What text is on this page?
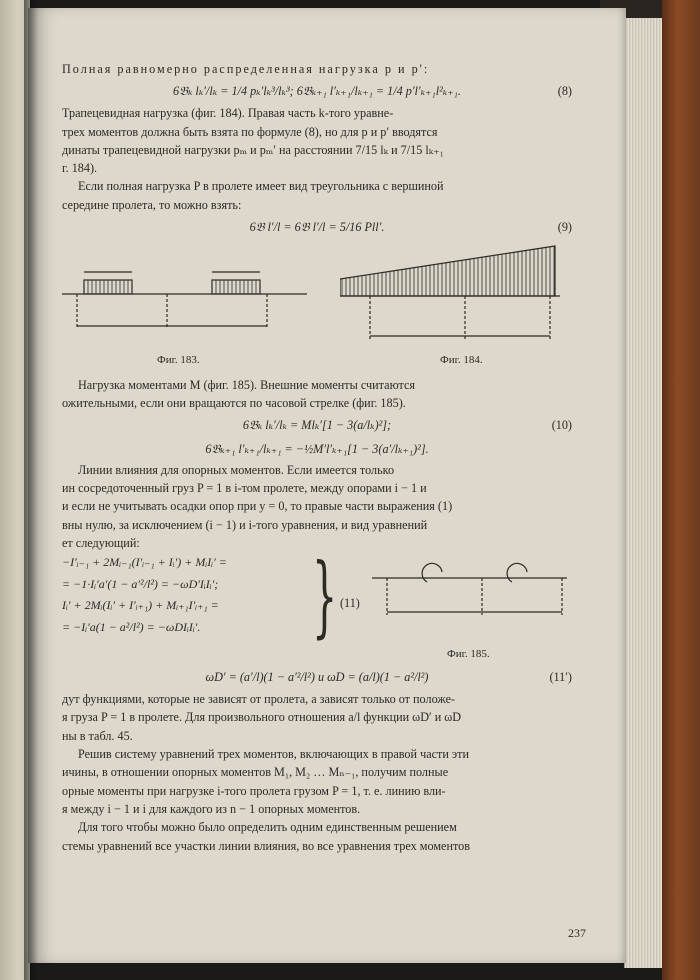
Полная равномерно распределенная нагрузка p и p':

6𝔅ₖ lₖ′/lₖ = 1/4 pₖ′lₖ³/lₖ³; 6𝔅ₖ₊₁ l′ₖ₊₁/lₖ₊₁ = 1/4 p′l′ₖ₊₁l²ₖ₊₁.	(8)

Трапецевидная нагрузка (фиг. 184). Правая часть k-того уравне-

трех моментов должна быть взята по формуле (8), но для p и p′ вводятся

динаты трапецевидной нагрузки pₘ и pₘ′ на расстоянии 7/15 lₖ и 7/15 lₖ₊₁

г. 184).

Если полная нагрузка P в пролете имеет вид треугольника с вершиной

середине пролета, то можно взять:

6𝔅 l′/l = 6𝔅 l′/l = 5/16 Pll′.	(9)
Фиг. 183.	Фиг. 184.

Нагрузка моментами M (фиг. 185). Внешние моменты считаются

ожительными, если они вращаются по часовой стрелке (фиг. 185).

6𝔅ₖ lₖ′/lₖ = Mlₖ′[1 − 3(a/lₖ)²];	(10)
6𝔅ₖ₊₁ l′ₖ₊₁/lₖ₊₁ = −½M′l′ₖ₊₁[1 − 3(a′/lₖ₊₁)²].

Линии влияния для опорных моментов. Если имеется только

ин сосредоточенный груз P = 1 в i-том пролете, между опорами i − 1 и

и если не учитывать осадки опор при y = 0, то правые части выражения (1)

вны нулю, за исключением (i − 1) и i-того уравнения, и вид уравнений

ет следующий:

−I′ᵢ₋₁ + 2Mᵢ₋₁(I′ᵢ₋₁ + Iᵢ′) + MᵢIᵢ′ =
= −1·Iᵢ′a′(1 − a′²/l²) = −ωD′IᵢIᵢ′;
Iᵢ′ + 2Mᵢ(Iᵢ′ + I′ᵢ₊₁) + Mᵢ₊₁I′ᵢ₊₁ =
= −Iᵢ′a(1 − a²/l²) = −ωDIᵢIᵢ′.	} (11)
Фиг. 185.
ωD′ = (a′/l)(1 − a′²/l²) и ωD = (a/l)(1 − a²/l²)	(11′)

дут функциями, которые не зависят от пролета, а зависят только от положе-

я груза P = 1 в пролете. Для произвольного отношения a/l функции ωD′ и ωD

ны в табл. 45.

Решив систему уравнений трех моментов, включающих в правой части эти

ичины, в отношении опорных моментов M₁, M₂ … Mₙ₋₁, получим полные

орные моменты при нагрузке i-того пролета грузом P = 1, т. е. линию вли-

я между i − 1 и i для каждого из n − 1 опорных моментов.

Для того чтобы можно было определить одним единственным решением

стемы уравнений все участки линии влияния, во все уравнения трех моментов

237
